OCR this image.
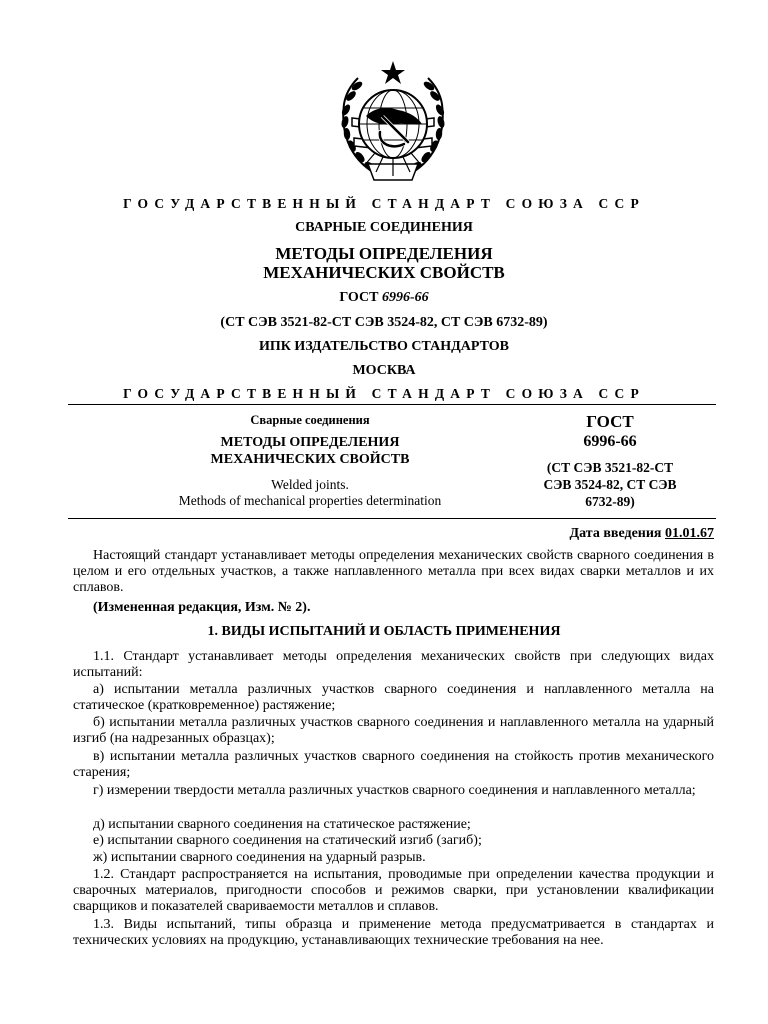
ГОСУДАРСТВЕННЫЙ СТАНДАРТ СОЮЗА ССР
СВАРНЫЕ СОЕДИНЕНИЯ
МЕТОДЫ ОПРЕДЕЛЕНИЯ
МЕХАНИЧЕСКИХ СВОЙСТВ
ГОСТ 6996-66
(СТ СЭВ 3521-82-СТ СЭВ 3524-82, СТ СЭВ 6732-89)
ИПК ИЗДАТЕЛЬСТВО СТАНДАРТОВ
МОСКВА
ГОСУДАРСТВЕННЫЙ СТАНДАРТ СОЮЗА ССР
Сварные соединения
МЕТОДЫ ОПРЕДЕЛЕНИЯ
МЕХАНИЧЕСКИХ СВОЙСТВ
Welded joints.
Methods of mechanical properties determination
ГОСТ
6996-66
(СТ СЭВ 3521-82-СТ
СЭВ 3524-82, СТ СЭВ
6732-89)
Дата введения 01.01.67

Настоящий стандарт устанавливает методы определения механических свойств сварного соединения в целом и его отдельных участков, а также наплавленного металла при всех видах сварки металлов и их сплавов.

(Измененная редакция, Изм. № 2).

1. ВИДЫ ИСПЫТАНИЙ И ОБЛАСТЬ ПРИМЕНЕНИЯ

1.1. Стандарт устанавливает методы определения механических свойств при следующих видах испытаний:

а) испытании металла различных участков сварного соединения и наплавленного металла на статическое (кратковременное) растяжение;

б) испытании металла различных участков сварного соединения и наплавленного металла на ударный изгиб (на надрезанных образцах);

в) испытании металла различных участков сварного соединения на стойкость против механического старения;

г) измерении твердости металла различных участков сварного соединения и наплавленного металла;

д) испытании сварного соединения на статическое растяжение;

е) испытании сварного соединения на статический изгиб (загиб);

ж) испытании сварного соединения на ударный разрыв.

1.2. Стандарт распространяется на испытания, проводимые при определении качества продукции и сварочных материалов, пригодности способов и режимов сварки, при установлении квалификации сварщиков и показателей свариваемости металлов и сплавов.

1.3. Виды испытаний, типы образца и применение метода предусматривается в стандартах и технических условиях на продукцию, устанавливающих технические требования на нее.
